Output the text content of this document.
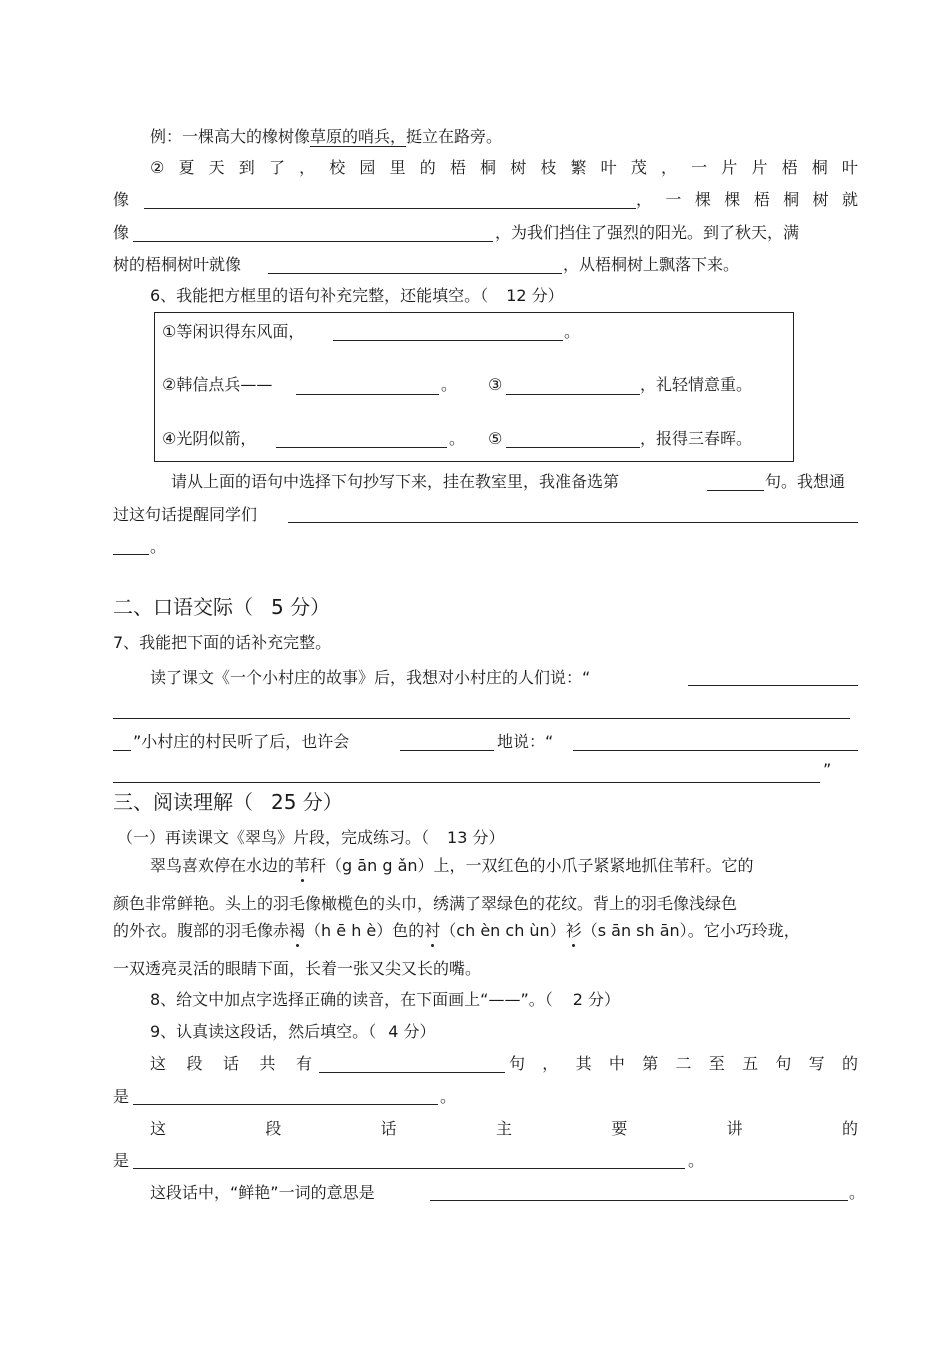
例：一棵高大的橡树像草原的哨兵，挺立在路旁。
② 夏 天 到 了 ， 校 园 里 的 梧 桐 树 枝 繁 叶 茂 ， 一 片 片 梧 桐 叶
像	， 一 棵 棵 梧 桐 树 就
像	，为我们挡住了强烈的阳光。到了秋天，满
树的梧桐树叶就像	，从梧桐树上飘落下来。
6、我能把方框里的语句补充完整，还能填空。（ 12 分）
①等闲识得东风面，	。
②韩信点兵——	。 ③	，礼轻情意重。
④光阴似箭，	。 ⑤	，报得三春晖。
请从上面的语句中选择下句抄写下来，挂在教室里，我准备选第	句。我想通
过这句话提醒同学们
。
二、口语交际（ 5 分）
7、我能把下面的话补充完整。
读了课文《一个小村庄的故事》后，我想对小村庄的人们说：“
”小村庄的村民听了后，也许会	地说：“
”
三、阅读理解（ 25 分）
（一）再读课文《翠鸟》片段，完成练习。（ 13 分）
翠鸟喜欢停在水边的苇秆（g ān g ǎn）上，一双红色的小爪子紧紧地抓住苇秆。它的
颜色非常鲜艳。头上的羽毛像橄榄色的头巾，绣满了翠绿色的花纹。背上的羽毛像浅绿色
的外衣。腹部的羽毛像赤褐（h ē h è）色的衬（ch èn ch ùn）衫（s ān sh ān）。它小巧玲珑，
一双透亮灵活的眼睛下面，长着一张又尖又长的嘴。
8、给文中加点字选择正确的读音，在下面画上“——”。（ 2 分）
9、认真读这段话，然后填空。（ 4 分）
这 段 话 共 有	句 ， 其 中 第 二 至 五 句 写 的
是	。
这	段	话	主	要	讲	的
是	。
这段话中，“鲜艳”一词的意思是	。
